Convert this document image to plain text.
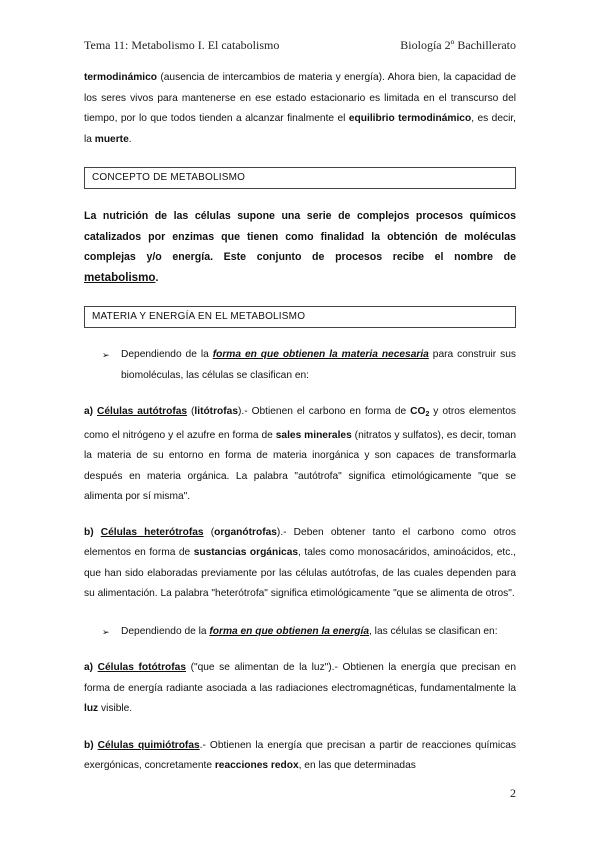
Tema 11: Metabolismo I. El catabolismo	Biología 2º Bachillerato

termodinámico (ausencia de intercambios de materia y energía). Ahora bien, la capacidad de los seres vivos para mantenerse en ese estado estacionario es limitada en el transcurso del tiempo, por lo que todos tienden a alcanzar finalmente el equilibrio termodinámico, es decir, la muerte.

CONCEPTO DE METABOLISMO

La nutrición de las células supone una serie de complejos procesos químicos catalizados por enzimas que tienen como finalidad la obtención de moléculas complejas y/o energía. Este conjunto de procesos recibe el nombre de metabolismo.

MATERIA Y ENERGÍA EN EL METABOLISMO

➢ Dependiendo de la forma en que obtienen la materia necesaria para construir sus biomoléculas, las células se clasifican en:

a) Células autótrofas (litótrofas).- Obtienen el carbono en forma de $CO_2$ y otros elementos como el nitrógeno y el azufre en forma de sales minerales (nitratos y sulfatos), es decir, toman la materia de su entorno en forma de materia inorgánica y son capaces de transformarla después en materia orgánica. La palabra "autótrofa" significa etimológicamente "que se alimenta por sí misma".

b) Células heterótrofas (organótrofas).- Deben obtener tanto el carbono como otros elementos en forma de sustancias orgánicas, tales como monosacáridos, aminoácidos, etc., que han sido elaboradas previamente por las células autótrofas, de las cuales dependen para su alimentación. La palabra "heterótrofa" significa etimológicamente "que se alimenta de otros".

➢ Dependiendo de la forma en que obtienen la energía, las células se clasifican en:

a) Células fotótrofas ("que se alimentan de la luz").- Obtienen la energía que precisan en forma de energía radiante asociada a las radiaciones electromagnéticas, fundamentalmente la luz visible.

b) Células quimiótrofas.- Obtienen la energía que precisan a partir de reacciones químicas exergónicas, concretamente reacciones redox, en las que determinadas

2
